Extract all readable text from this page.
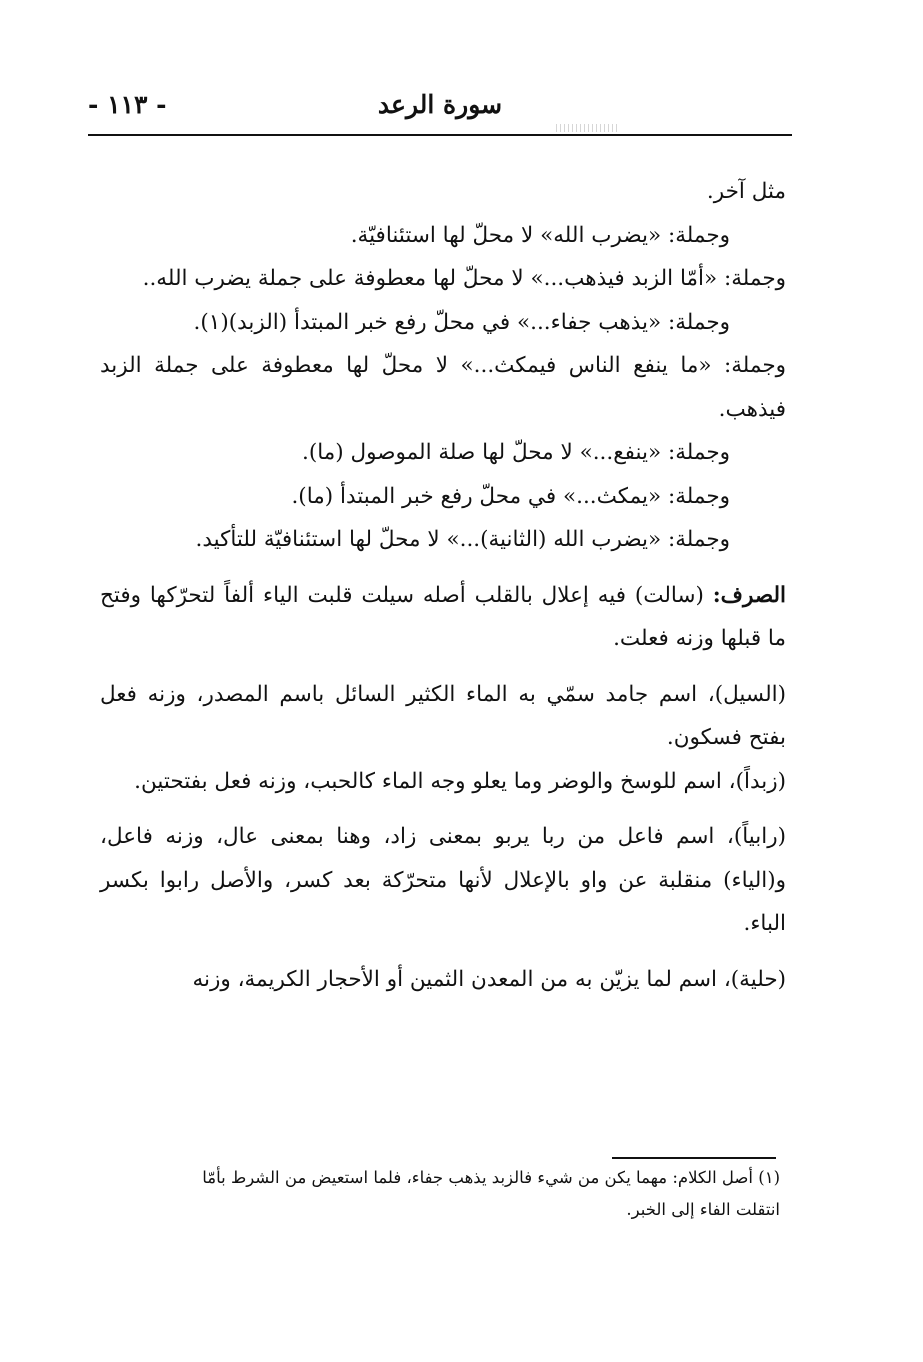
سورة الرعد
- ١١٣ -

مثل آخر.

وجملة: «يضرب الله» لا محلّ لها استئنافيّة.

وجملة: «أمّا الزبد فيذهب...» لا محلّ لها معطوفة على جملة يضرب الله..

وجملة: «يذهب جفاء...» في محلّ رفع خبر المبتدأ (الزبد)(١).

وجملة: «ما ينفع الناس فيمكث...» لا محلّ لها معطوفة على جملة الزبد فيذهب.

وجملة: «ينفع...» لا محلّ لها صلة الموصول (ما).

وجملة: «يمكث...» في محلّ رفع خبر المبتدأ (ما).

وجملة: «يضرب الله (الثانية)...» لا محلّ لها استئنافيّة للتأكيد.

الصرف: (سالت) فيه إعلال بالقلب أصله سيلت قلبت الياء ألفاً لتحرّكها وفتح ما قبلها وزنه فعلت.

(السيل)، اسم جامد سمّي به الماء الكثير السائل باسم المصدر، وزنه فعل بفتح فسكون.

(زبداً)، اسم للوسخ والوضر وما يعلو وجه الماء كالحبب، وزنه فعل بفتحتين.

(رابياً)، اسم فاعل من ربا يربو بمعنى زاد، وهنا بمعنى عال، وزنه فاعل، و(الياء) منقلبة عن واو بالإعلال لأنها متحرّكة بعد كسر، والأصل رابوا بكسر الباء.

(حلية)، اسم لما يزيّن به من المعدن الثمين أو الأحجار الكريمة، وزنه

(١) أصل الكلام: مهما يكن من شيء فالزبد يذهب جفاء، فلما استعيض من الشرط بأمّا

انتقلت الفاء إلى الخبر.
